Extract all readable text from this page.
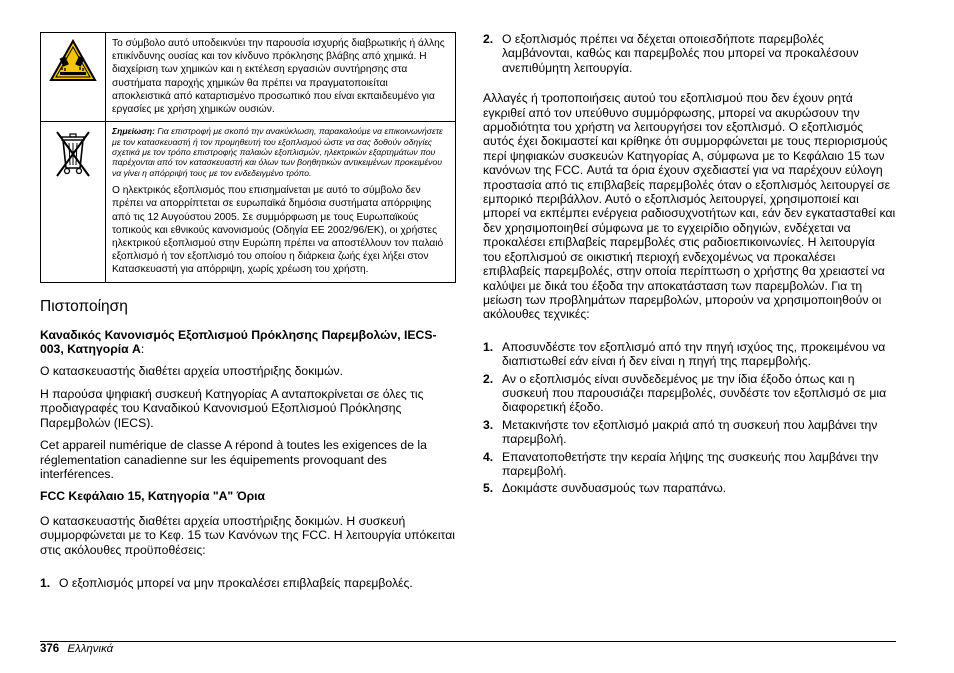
Το σύμβολο αυτό υποδεικνύει την παρουσία ισχυρής διαβρωτικής ή άλλης επικίνδυνης ουσίας και τον κίνδυνο πρόκλησης βλάβης από χημικά. Η διαχείριση των χημικών και η εκτέλεση εργασιών συντήρησης στα συστήματα παροχής χημικών θα πρέπει να πραγματοποιείται αποκλειστικά από καταρτισμένο προσωπικό που είναι εκπαιδευμένο για εργασίες με χρήση χημικών ουσιών.

Σημείωση: Για επιστροφή με σκοπό την ανακύκλωση, παρακαλούμε να επικοινωνήσετε με τον κατασκευαστή ή τον προμηθευτή του εξοπλισμού ώστε να σας δοθούν οδηγίες σχετικά με τον τρόπο επιστροφής παλαιών εξοπλισμών, ηλεκτρικών εξαρτημάτων που παρέχονται από τον κατασκευαστή και όλων των βοηθητικών αντικειμένων προκειμένου να γίνει η απόρριψή τους με τον ενδεδειγμένο τρόπο.

Ο ηλεκτρικός εξοπλισμός που επισημαίνεται με αυτό το σύμβολο δεν πρέπει να απορρίπτεται σε ευρωπαϊκά δημόσια συστήματα απόρριψης από τις 12 Αυγούστου 2005. Σε συμμόρφωση με τους Ευρωπαϊκούς τοπικούς και εθνικούς κανονισμούς (Οδηγία ΕΕ 2002/96/ΕΚ), οι χρήστες ηλεκτρικού εξοπλισμού στην Ευρώπη πρέπει να αποστέλλουν τον παλαιό εξοπλισμό ή τον εξοπλισμό του οποίου η διάρκεια ζωής έχει λήξει στον Κατασκευαστή για απόρριψη, χωρίς χρέωση του χρήστη.

Πιστοποίηση

Καναδικός Κανονισμός Εξοπλισμού Πρόκλησης Παρεμβολών, IECS-003, Κατηγορία A:

Ο κατασκευαστής διαθέτει αρχεία υποστήριξης δοκιμών.

Η παρούσα ψηφιακή συσκευή Κατηγορίας A ανταποκρίνεται σε όλες τις προδιαγραφές του Καναδικού Κανονισμού Εξοπλισμού Πρόκλησης Παρεμβολών (IECS).

Cet appareil numérique de classe A répond à toutes les exigences de la réglementation canadienne sur les équipements provoquant des interférences.

FCC Κεφάλαιο 15, Κατηγορία "A" Όρια

Ο κατασκευαστής διαθέτει αρχεία υποστήριξης δοκιμών. Η συσκευή συμμορφώνεται με το Κεφ. 15 των Κανόνων της FCC. Η λειτουργία υπόκειται στις ακόλουθες προϋποθέσεις:

1. Ο εξοπλισμός μπορεί να μην προκαλέσει επιβλαβείς παρεμβολές.
2. Ο εξοπλισμός πρέπει να δέχεται οποιεσδήποτε παρεμβολές λαμβάνονται, καθώς και παρεμβολές που μπορεί να προκαλέσουν ανεπιθύμητη λειτουργία.

Αλλαγές ή τροποποιήσεις αυτού του εξοπλισμού που δεν έχουν ρητά εγκριθεί από τον υπεύθυνο συμμόρφωσης, μπορεί να ακυρώσουν την αρμοδιότητα του χρήστη να λειτουργήσει τον εξοπλισμό. Ο εξοπλισμός αυτός έχει δοκιμαστεί και κρίθηκε ότι συμμορφώνεται με τους περιορισμούς περί ψηφιακών συσκευών Κατηγορίας A, σύμφωνα με το Κεφάλαιο 15 των κανόνων της FCC. Αυτά τα όρια έχουν σχεδιαστεί για να παρέχουν εύλογη προστασία από τις επιβλαβείς παρεμβολές όταν ο εξοπλισμός λειτουργεί σε εμπορικό περιβάλλον. Αυτό ο εξοπλισμός λειτουργεί, χρησιμοποιεί και μπορεί να εκπέμπει ενέργεια ραδιοσυχνοτήτων και, εάν δεν εγκατασταθεί και δεν χρησιμοποιηθεί σύμφωνα με το εγχειρίδιο οδηγιών, ενδέχεται να προκαλέσει επιβλαβείς παρεμβολές στις ραδιοεπικοινωνίες. Η λειτουργία του εξοπλισμού σε οικιστική περιοχή ενδεχομένως να προκαλέσει επιβλαβείς παρεμβολές, στην οποία περίπτωση ο χρήστης θα χρειαστεί να καλύψει με δικά του έξοδα την αποκατάσταση των παρεμβολών. Για τη μείωση των προβλημάτων παρεμβολών, μπορούν να χρησιμοποιηθούν οι ακόλουθες τεχνικές:

1. Αποσυνδέστε τον εξοπλισμό από την πηγή ισχύος της, προκειμένου να διαπιστωθεί εάν είναι ή δεν είναι η πηγή της παρεμβολής.
2. Αν ο εξοπλισμός είναι συνδεδεμένος με την ίδια έξοδο όπως και η συσκευή που παρουσιάζει παρεμβολές, συνδέστε τον εξοπλισμό σε μια διαφορετική έξοδο.
3. Μετακινήστε τον εξοπλισμό μακριά από τη συσκευή που λαμβάνει την παρεμβολή.
4. Επανατοποθετήστε την κεραία λήψης της συσκευής που λαμβάνει την παρεμβολή.
5. Δοκιμάστε συνδυασμούς των παραπάνω.
376 Ελληνικά
